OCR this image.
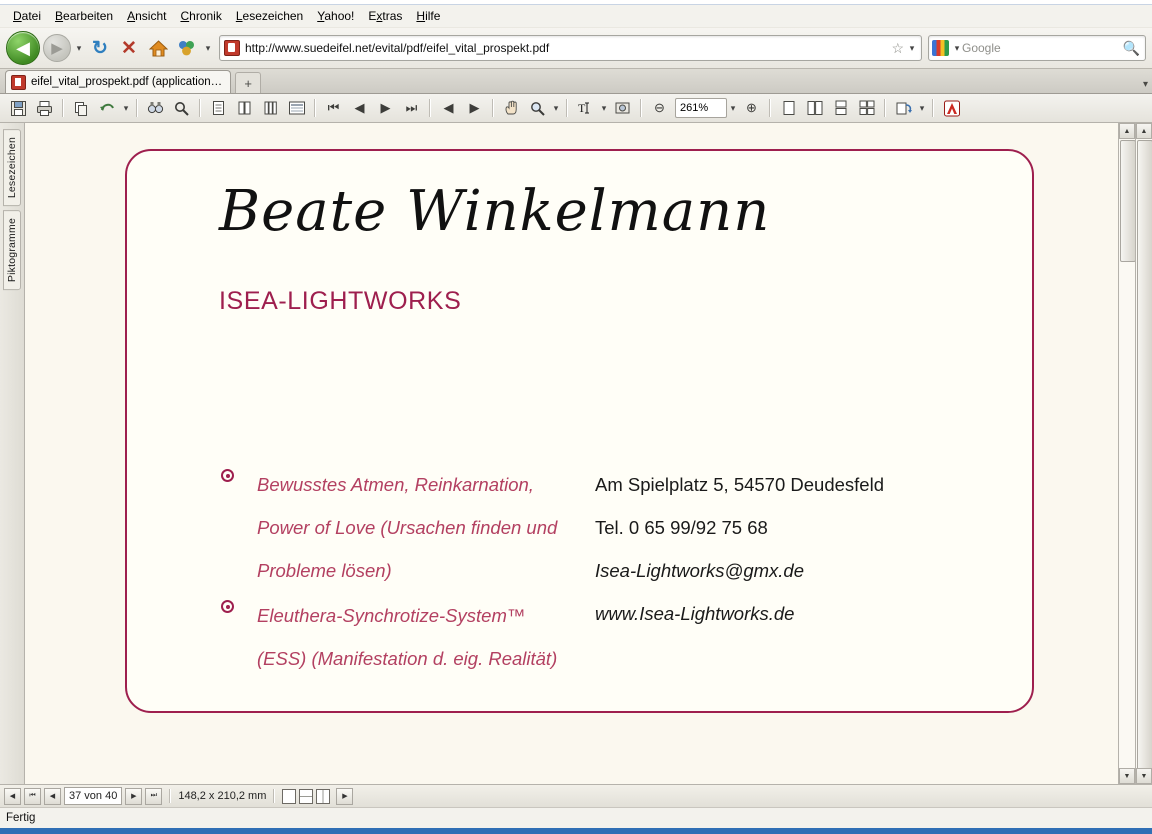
Datei	Bearbeiten	Ansicht	Chronik	Lesezeichen	Yahoo!	Extras	Hilfe
◀ ▶	▾ ↻ ✕	▾	http://www.suedeifel.net/evital/pdf/eifel_vital_prospekt.pdf	☆ ▾	▾ Google	🔍
eifel_vital_prospekt.pdf (application… +	▾
▾	⏮ ◀ ▶ ⏭ ◀ ▶	▾ T	▾	⊖ 261%	▾ ⊕	▾
Lesezeichen
Piktogramme
Beate Winkelmann
ISEA-LIGHTWORKS
Bewusstes Atmen, Reinkarnation,
Power of Love (Ursachen finden und
Probleme lösen)
Eleuthera-Synchrotize-System™
(ESS) (Manifestation d. eig. Realität)
Am Spielplatz 5, 54570 Deudesfeld
Tel. 0 65 99/92 75 68
Isea-Lightworks@gmx.de
www.Isea-Lightworks.de
▲
▼
▲
▼
◀ ⏮ ◀	37 von 40	▶ ⏭ 148,2 x 210,2 mm	▶
Fertig
